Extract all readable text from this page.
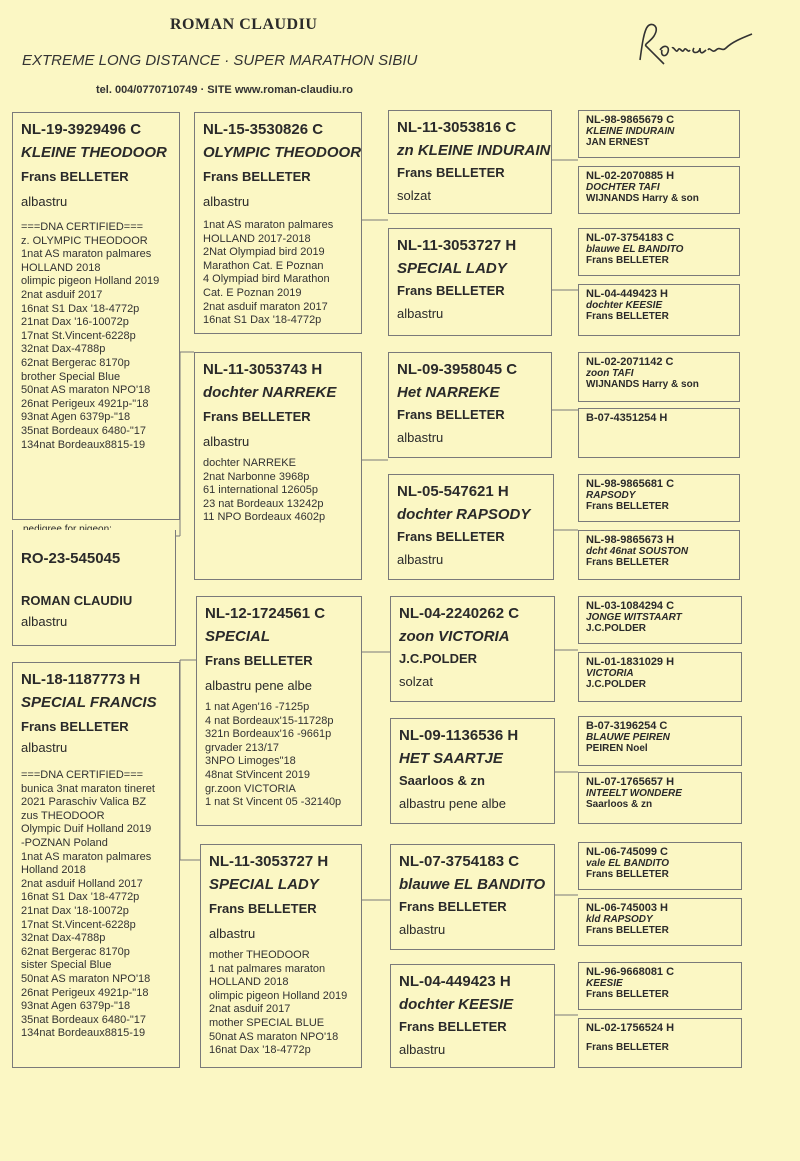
ROMAN CLAUDIU
EXTREME LONG DISTANCE · SUPER MARATHON SIBIU
tel. 004/0770710749 · SITE www.roman-claudiu.ro
NL-19-3929496 C
KLEINE THEODOOR
Frans BELLETER
albastru
===DNA CERTIFIED===
z. OLYMPIC THEODOOR
1nat AS maraton palmares
HOLLAND 2018
olimpic pigeon Holland 2019
2nat asduif 2017
16nat S1 Dax '18-4772p
21nat Dax '16-10072p
17nat St.Vincent-6228p
32nat Dax-4788p
62nat Bergerac 8170p
brother Special Blue
50nat AS maraton NPO'18
26nat Perigeux 4921p-"18
93nat Agen 6379p-"18
35nat Bordeaux 6480-"17
134nat Bordeaux8815-19
RO-23-545045
ROMAN CLAUDIU
albastru
NL-18-1187773 H
SPECIAL FRANCIS
Frans BELLETER
albastru
===DNA CERTIFIED===
bunica 3nat maraton tineret
2021 Paraschiv Valica BZ
zus THEODOOR
Olympic Duif Holland 2019
-POZNAN Poland
1nat AS maraton palmares
Holland 2018
2nat asduif Holland 2017
16nat S1 Dax '18-4772p
21nat Dax '18-10072p
17nat St.Vincent-6228p
32nat Dax-4788p
62nat Bergerac 8170p
sister Special Blue
50nat AS maraton NPO'18
26nat Perigeux 4921p-"18
93nat Agen 6379p-"18
35nat Bordeaux 6480-"17
134nat Bordeaux8815-19
NL-15-3530826 C
OLYMPIC THEODOOR
Frans BELLETER
albastru
1nat AS maraton palmares
HOLLAND 2017-2018
2Nat Olympiad bird 2019
Marathon Cat. E Poznan
4 Olympiad bird Marathon
Cat. E Poznan 2019
2nat asduif maraton 2017
16nat S1 Dax '18-4772p
NL-11-3053743 H
dochter NARREKE
Frans BELLETER
albastru
dochter NARREKE
2nat Narbonne 3968p
61 international 12605p
23 nat Bordeaux 13242p
11 NPO Bordeaux 4602p
NL-12-1724561 C
SPECIAL
Frans BELLETER
albastru pene albe
1 nat Agen'16 -7125p
4 nat Bordeaux'15-11728p
321n Bordeaux'16 -9661p
grvader 213/17
3NPO Limoges"18
48nat StVincent 2019
gr.zoon VICTORIA
1 nat St Vincent 05 -32140p
NL-11-3053727 H
SPECIAL LADY
Frans BELLETER
albastru
mother THEODOOR
1 nat palmares maraton
HOLLAND 2018
olimpic pigeon Holland 2019
2nat asduif 2017
mother SPECIAL BLUE
50nat AS maraton NPO'18
16nat Dax '18-4772p
NL-11-3053816 C
zn KLEINE INDURAIN
Frans BELLETER
solzat
NL-11-3053727 H
SPECIAL LADY
Frans BELLETER
albastru
NL-09-3958045 C
Het NARREKE
Frans BELLETER
albastru
NL-05-547621 H
dochter RAPSODY
Frans BELLETER
albastru
NL-04-2240262 C
zoon VICTORIA
J.C.POLDER
solzat
NL-09-1136536 H
HET SAARTJE
Saarloos & zn
albastru pene albe
NL-07-3754183 C
blauwe EL BANDITO
Frans BELLETER
albastru
NL-04-449423 H
dochter KEESIE
Frans BELLETER
albastru
NL-98-9865679 C
KLEINE INDURAIN
JAN ERNEST
NL-02-2070885 H
DOCHTER TAFI
WIJNANDS Harry & son
NL-07-3754183 C
blauwe EL BANDITO
Frans BELLETER
NL-04-449423 H
dochter KEESIE
Frans BELLETER
NL-02-2071142 C
zoon TAFI
WIJNANDS Harry & son
B-07-4351254 H
NL-98-9865681 C
RAPSODY
Frans BELLETER
NL-98-9865673 H
dcht 46nat SOUSTON
Frans BELLETER
NL-03-1084294 C
JONGE WITSTAART
J.C.POLDER
NL-01-1831029 H
VICTORIA
J.C.POLDER
B-07-3196254 C
BLAUWE PEIREN
PEIREN Noel
NL-07-1765657 H
INTEELT WONDERE
Saarloos & zn
NL-06-745099 C
vale EL BANDITO
Frans BELLETER
NL-06-745003 H
kld RAPSODY
Frans BELLETER
NL-96-9668081 C
KEESIE
Frans BELLETER
NL-02-1756524 H
Frans BELLETER
